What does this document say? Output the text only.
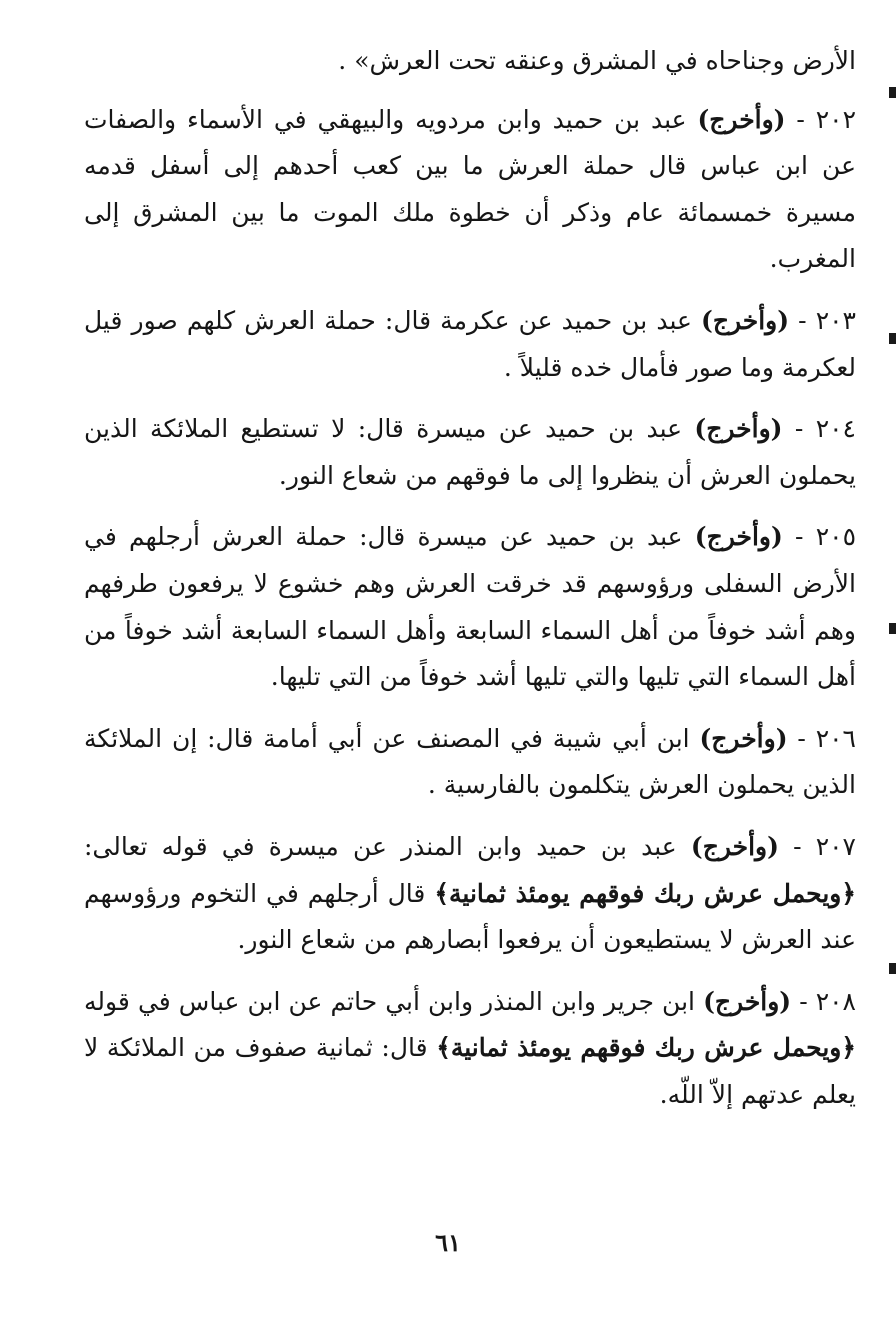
الأرض وجناحاه في المشرق وعنقه تحت العرش» .

٢٠٢ - (وأخرج) عبد بن حميد وابن مردويه والبيهقي في الأسماء والصفات عن ابن عباس قال حملة العرش ما بين كعب أحدهم إلى أسفل قدمه مسيرة خمسمائة عام وذكر أن خطوة ملك الموت ما بين المشرق إلى المغرب.

٢٠٣ - (وأخرج) عبد بن حميد عن عكرمة قال: حملة العرش كلهم صور قيل لعكرمة وما صور فأمال خده قليلاً .

٢٠٤ - (وأخرج) عبد بن حميد عن ميسرة قال: لا تستطيع الملائكة الذين يحملون العرش أن ينظروا إلى ما فوقهم من شعاع النور.

٢٠٥ - (وأخرج) عبد بن حميد عن ميسرة قال: حملة العرش أرجلهم في الأرض السفلى ورؤوسهم قد خرقت العرش وهم خشوع لا يرفعون طرفهم وهم أشد خوفاً من أهل السماء السابعة وأهل السماء السابعة أشد خوفاً من أهل السماء التي تليها والتي تليها أشد خوفاً من التي تليها.

٢٠٦ - (وأخرج) ابن أبي شيبة في المصنف عن أبي أمامة قال: إن الملائكة الذين يحملون العرش يتكلمون بالفارسية .

٢٠٧ - (وأخرج) عبد بن حميد وابن المنذر عن ميسرة في قوله تعالى: ﴿ويحمل عرش ربك فوقهم يومئذ ثمانية﴾ قال أرجلهم في التخوم ورؤوسهم عند العرش لا يستطيعون أن يرفعوا أبصارهم من شعاع النور.

٢٠٨ - (وأخرج) ابن جرير وابن المنذر وابن أبي حاتم عن ابن عباس في قوله ﴿ويحمل عرش ربك فوقهم يومئذ ثمانية﴾ قال: ثمانية صفوف من الملائكة لا يعلم عدتهم إلاّ اللّه.

٦١
